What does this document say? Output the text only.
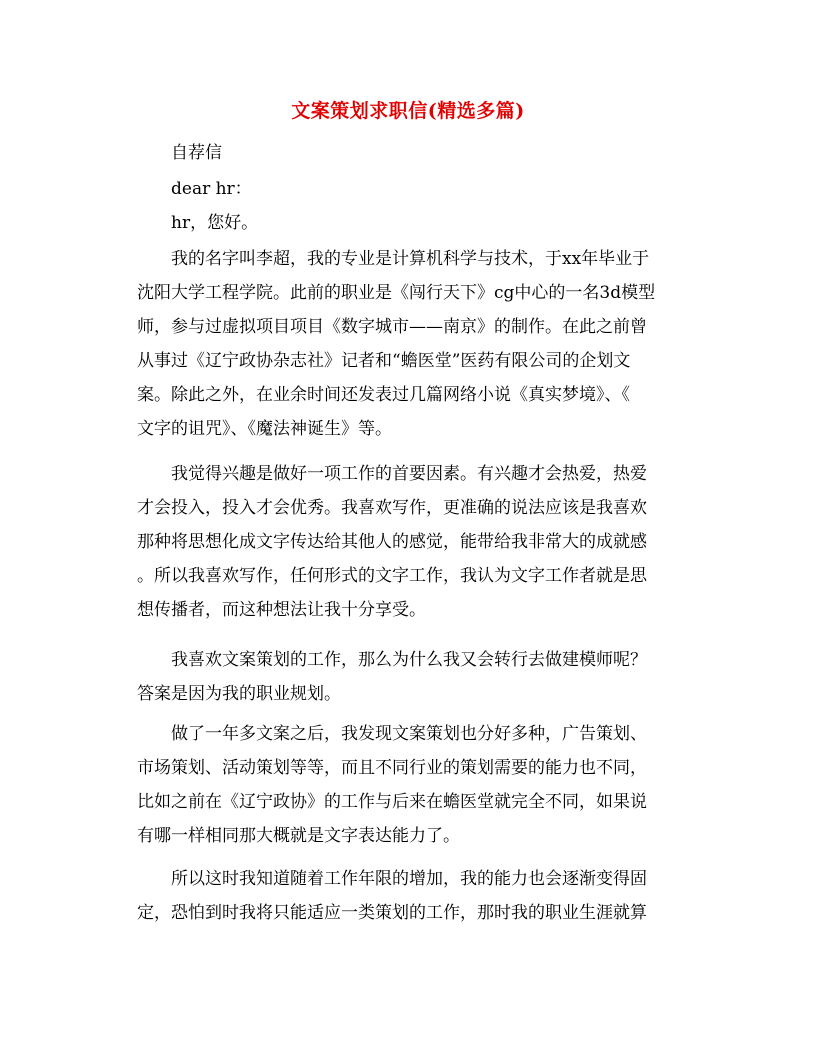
文案策划求职信(精选多篇)
自荐信
dear hr：
hr，您好。
我的名字叫李超，我的专业是计算机科学与技术，于xx年毕业于
沈阳大学工程学院。此前的职业是《闯行天下》cg中心的一名3d模型
师，参与过虚拟项目项目《数字城市——南京》的制作。在此之前曾
从事过《辽宁政协杂志社》记者和“蟾医堂”医药有限公司的企划文
案。除此之外，在业余时间还发表过几篇网络小说《真实梦境》、《
文字的诅咒》、《魔法神诞生》等。
我觉得兴趣是做好一项工作的首要因素。有兴趣才会热爱，热爱
才会投入，投入才会优秀。我喜欢写作，更准确的说法应该是我喜欢
那种将思想化成文字传达给其他人的感觉，能带给我非常大的成就感
。所以我喜欢写作，任何形式的文字工作，我认为文字工作者就是思
想传播者，而这种想法让我十分享受。
我喜欢文案策划的工作，那么为什么我又会转行去做建模师呢？
答案是因为我的职业规划。
做了一年多文案之后，我发现文案策划也分好多种，广告策划、
市场策划、活动策划等等，而且不同行业的策划需要的能力也不同，
比如之前在《辽宁政协》的工作与后来在蟾医堂就完全不同，如果说
有哪一样相同那大概就是文字表达能力了。
所以这时我知道随着工作年限的增加，我的能力也会逐渐变得固
定，恐怕到时我将只能适应一类策划的工作，那时我的职业生涯就算
